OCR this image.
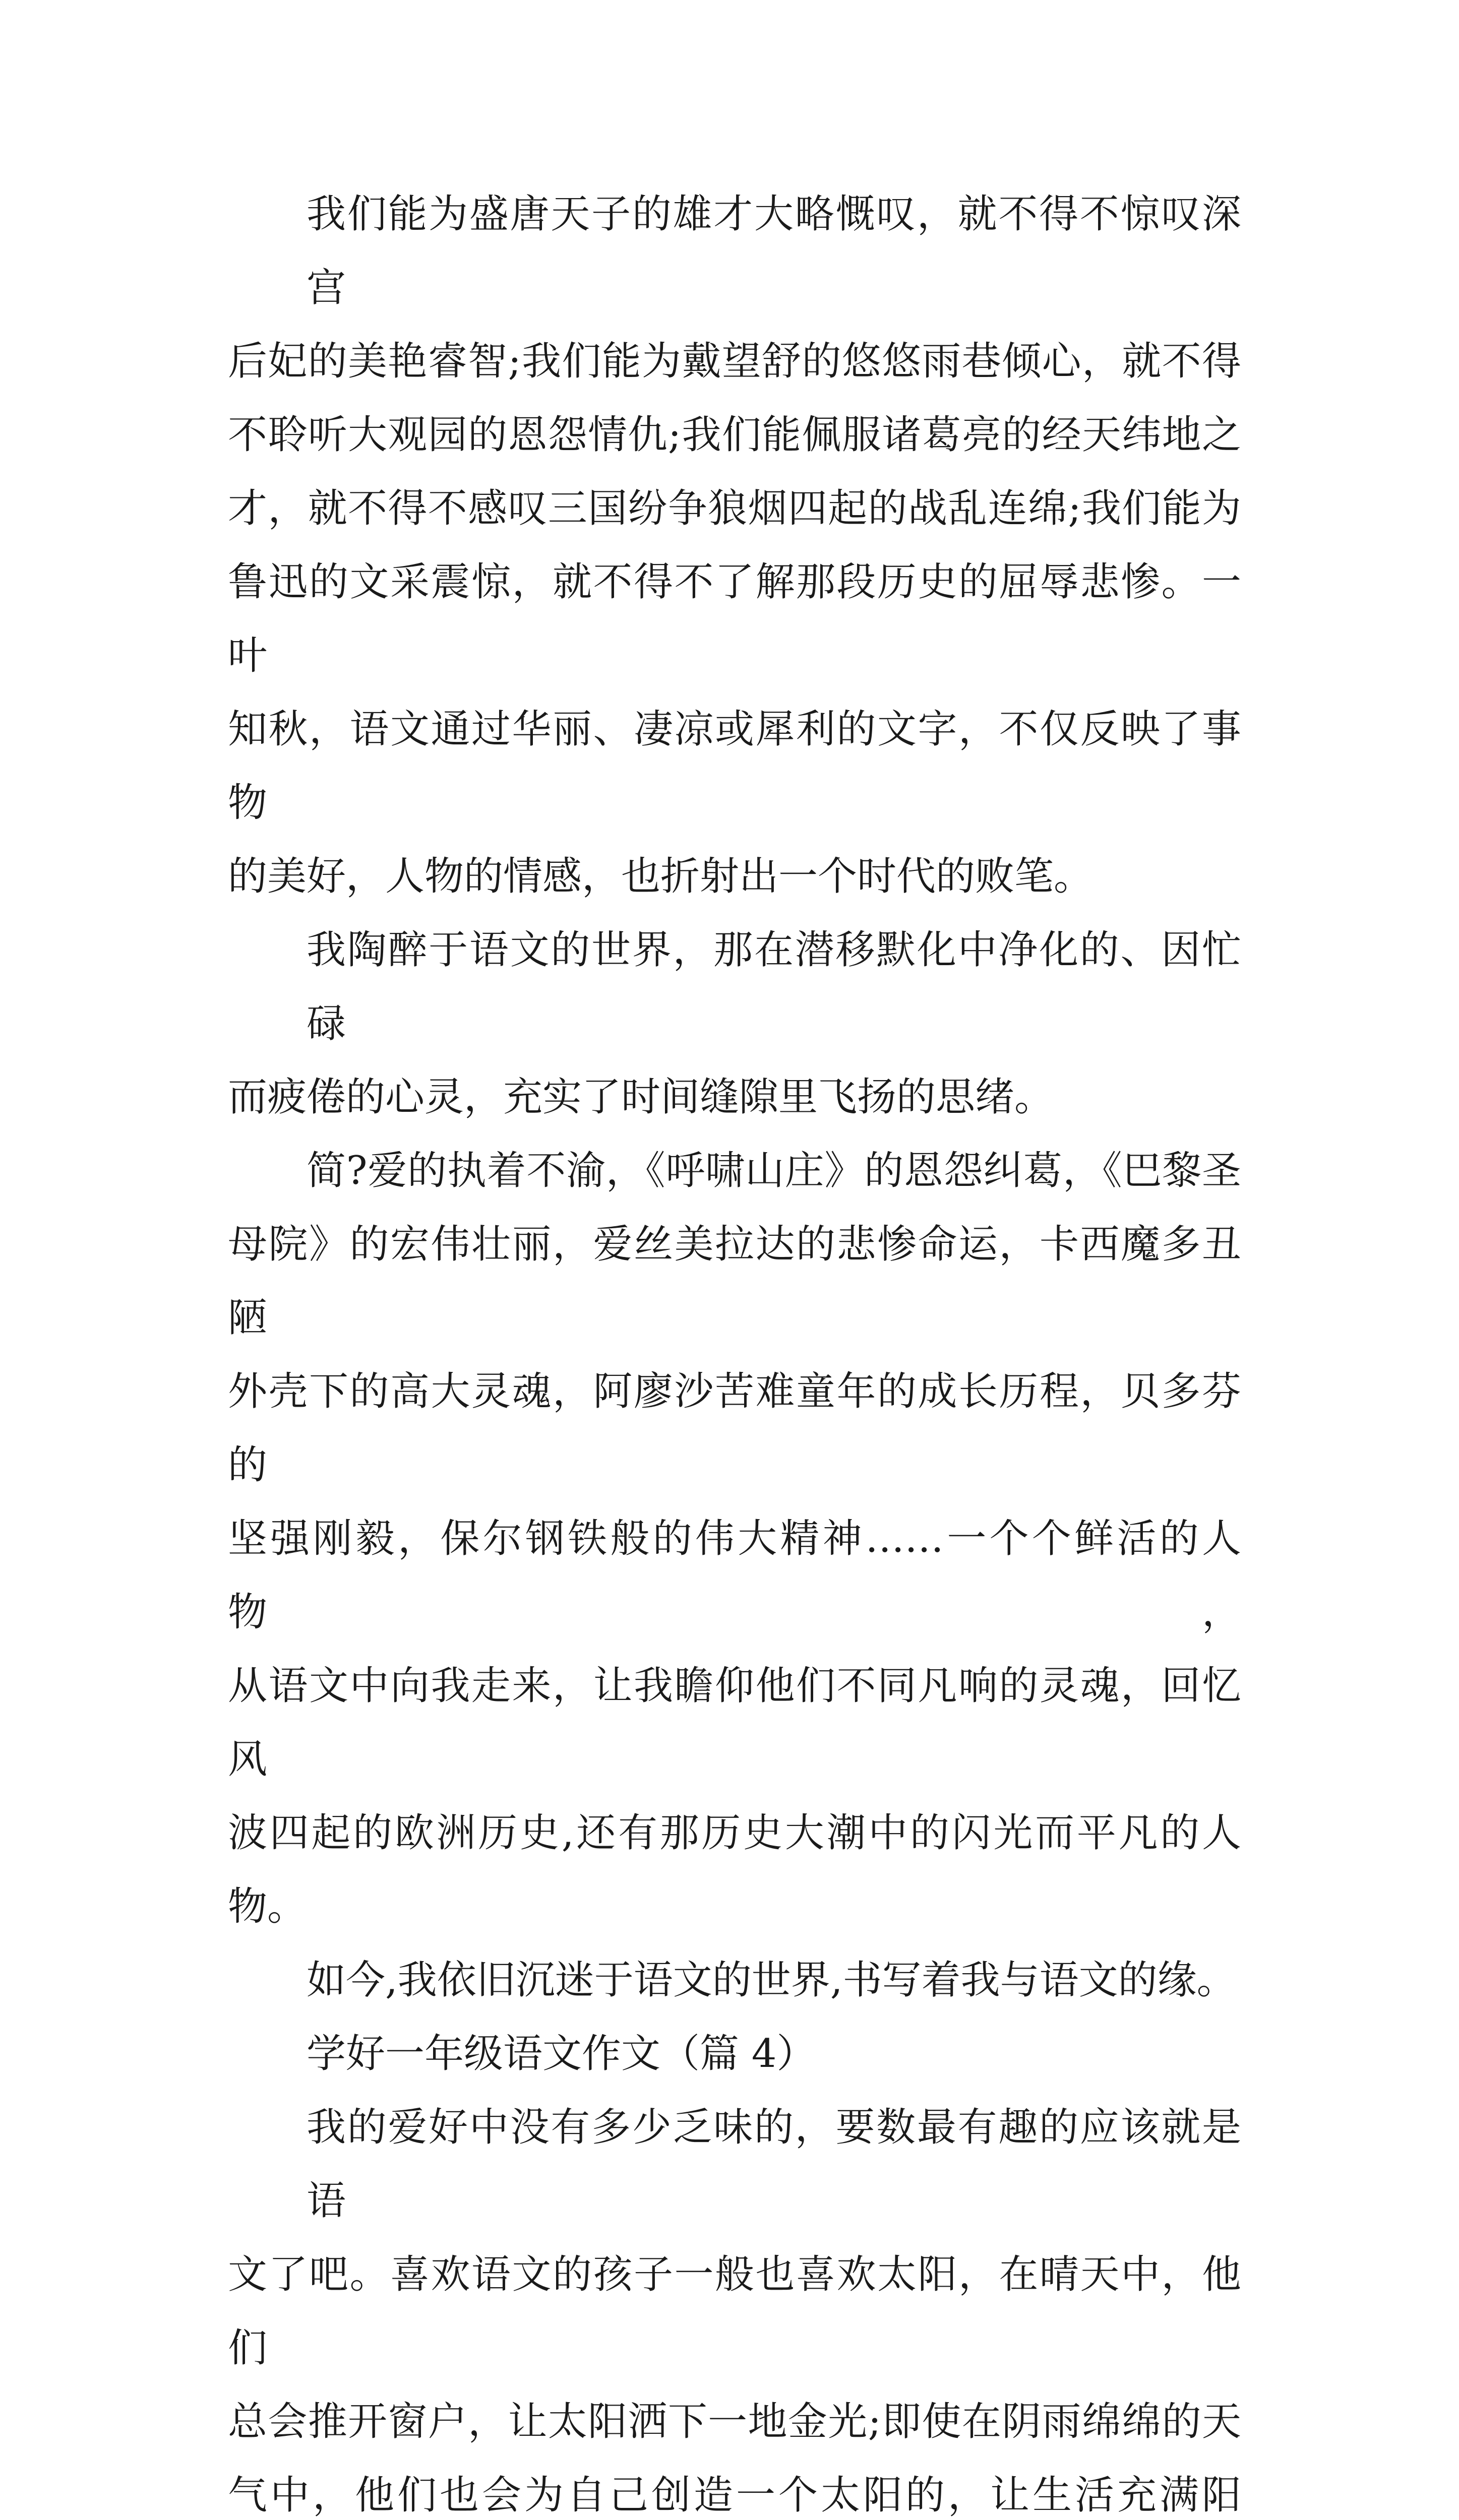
我们能为盛唐天子的雄才大略慨叹，就不得不惊叹深宫
后妃的美艳睿智;我们能为戴望舒的悠悠雨巷倾心，就不得
不聆听大观园的恩怨情仇;我们能佩服诸葛亮的经天纬地之
才，就不得不感叹三国纷争狼烟四起的战乱连绵;我们能为
鲁迅的文采震惊，就不得不了解那段历史的屈辱悲惨。一叶
知秋，语文通过华丽、凄凉或犀利的文字，不仅反映了事物
的美好，人物的情感，也折射出一个时代的败笔。
我陶醉于语文的世界，那在潜移默化中净化的、因忙碌
而疲倦的心灵，充实了时间缝隙里飞扬的思绪。
简?爱的执着不渝，《呼啸山庄》的恩怨纠葛，《巴黎圣
母院》的宏伟壮丽，爱丝美拉达的悲惨命运，卡西魔多丑陋
外壳下的高大灵魂，阿廖沙苦难童年的成长历程，贝多芬的
坚强刚毅，保尔钢铁般的伟大精神……一个个鲜活的人物，
从语文中向我走来，让我瞻仰他们不同凡响的灵魂，回忆风
波四起的欧洲历史,还有那历史大潮中的闪光而平凡的人物。
如今,我依旧沉迷于语文的世界,书写着我与语文的缘。
学好一年级语文作文（篇 4）
我的爱好中没有多少乏味的，要数最有趣的应该就是语
文了吧。喜欢语文的孩子一般也喜欢太阳，在晴天中，他们
总会推开窗户，让太阳洒下一地金光;即使在阴雨绵绵的天
气中，他们也会为自己创造一个太阳的，让生活充满阳
